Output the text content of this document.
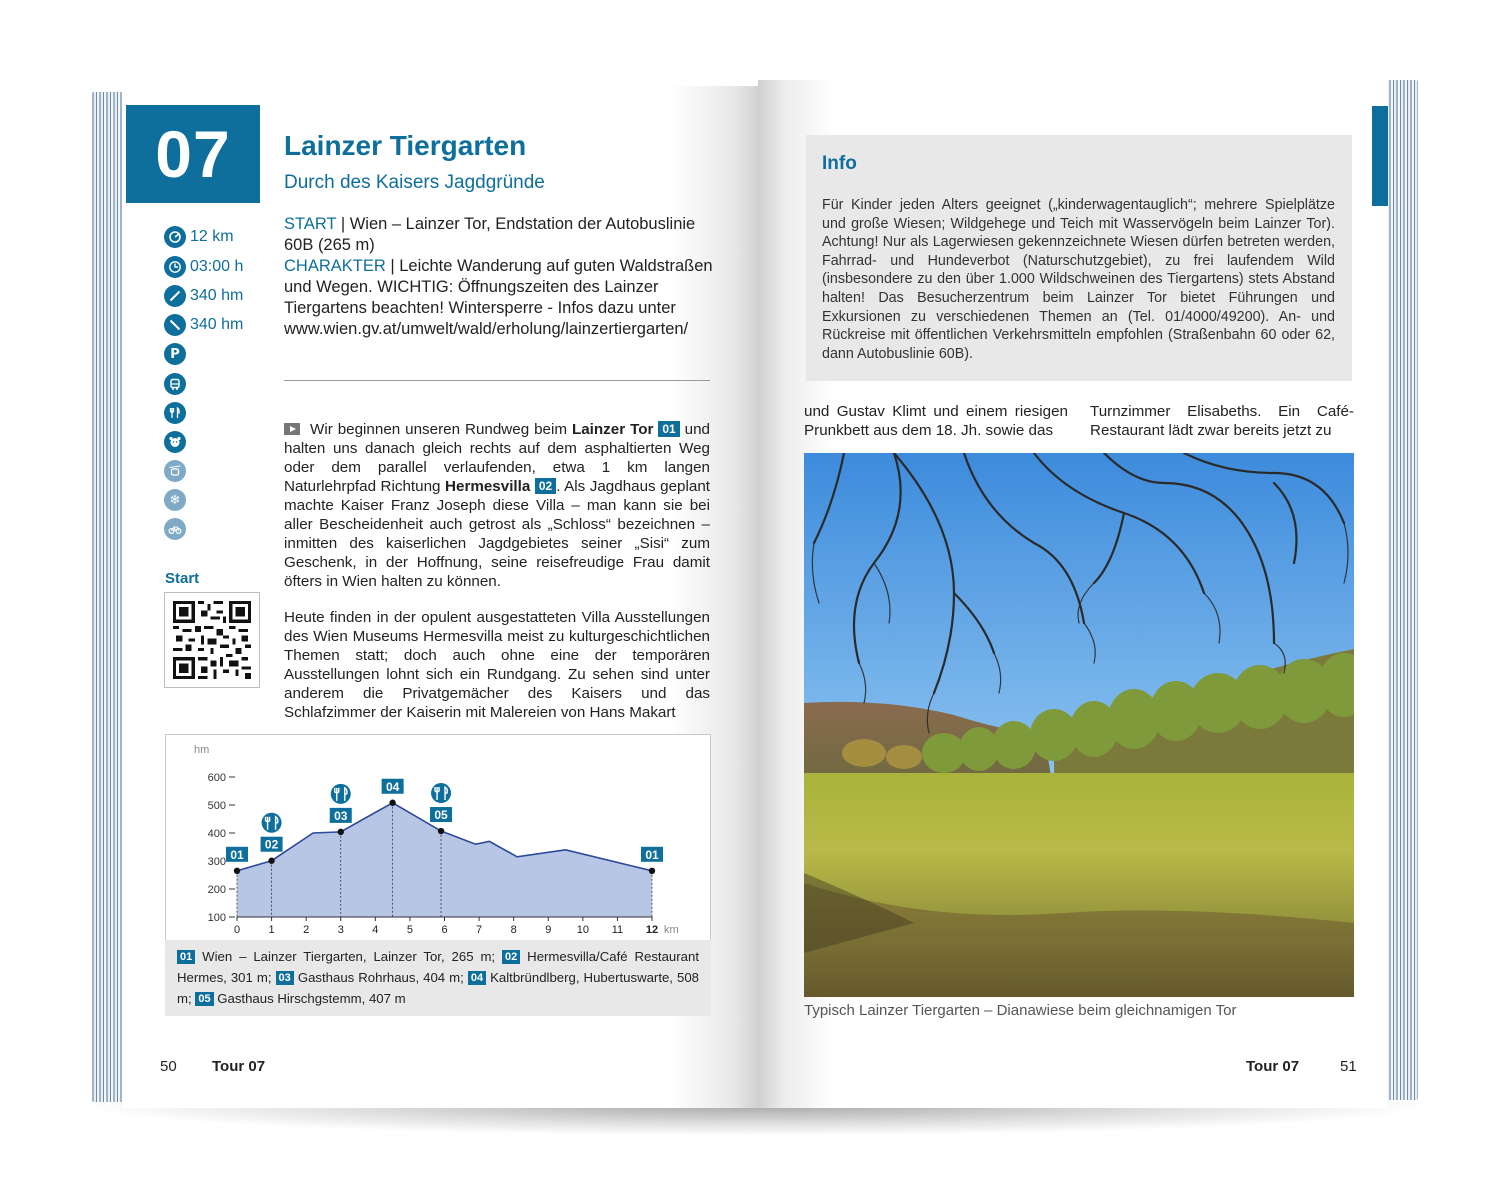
07	Lainzer Tiergarten
Durch des Kaisers Jagdgründe
12 km
03:00 h
340 hm
340 hm
P
❄
Start
START | Wien – Lainzer Tor, Endstation der Autobuslinie 60B (265 m)
CHARAKTER | Leichte Wanderung auf guten Waldstraßen und Wegen. WICHTIG: Öffnungszeiten des Lainzer Tiergartens beachten! Wintersperre - Infos dazu unter www.wien.gv.at/umwelt/wald/erholung/lainzertiergarten/
Wir beginnen unseren Rundweg beim Lainzer Tor 01 und halten uns danach gleich rechts auf dem asphaltierten Weg oder dem parallel verlaufenden, etwa 1 km langen Naturlehrpfad Richtung Hermesvilla 02 . Als Jagdhaus geplant machte Kaiser Franz Joseph diese Villa – man kann sie bei aller Bescheidenheit auch getrost als „Schloss“ bezeichnen – inmitten des kaiserlichen Jagdgebietes seiner „Sisi“ zum Geschenk, in der Hoffnung, seine reisefreudige Frau damit öfters in Wien halten zu können.
Heute finden in der opulent ausgestatteten Villa Ausstellungen des Wien Museums Hermesvilla meist zu kulturgeschichtlichen Themen statt; doch auch ohne eine der temporären Ausstellungen lohnt sich ein Rundgang. Zu sehen sind unter anderem die Privatgemächer des Kaisers und das Schlafzimmer der Kaiserin mit Malereien von Hans Makart
100
200
300
400
500
600
hm
0	1	2	3	4	5	6	7	8	9 10 11 12 km
01
02
03
04
05
01
01 Wien – Lainzer Tiergarten, Lainzer Tor, 265 m; 02 Hermesvilla/Café Restaurant Hermes, 301 m; 03 Gasthaus Rohrhaus, 404 m; 04 Kaltbründlberg, Hubertuswarte, 508 m; 05 Gasthaus Hirschgstemm, 407 m
50 Tour 07
Info
Für Kinder jeden Alters geeignet („kinderwagentauglich“; mehrere Spielplätze und große Wiesen; Wildgehege und Teich mit Wasservögeln beim Lainzer Tor). Achtung! Nur als Lagerwiesen gekennzeichnete Wiesen dürfen betreten werden, Fahrrad- und Hundeverbot (Naturschutzgebiet), zu frei laufendem Wild (insbesondere zu den über 1.000 Wildschweinen des Tiergartens) stets Abstand halten! Das Besucherzentrum beim Lainzer Tor bietet Führungen und Exkursionen zu verschiedenen Themen an (Tel. 01/4000/49200). An- und Rückreise mit öffentlichen Verkehrsmitteln empfohlen (Straßenbahn 60 oder 62, dann Autobuslinie 60B).
und Gustav Klimt und einem riesigen Prunkbett aus dem 18. Jh. sowie das
Turnzimmer Elisabeths. Ein Café-Restaurant lädt zwar bereits jetzt zu
Typisch Lainzer Tiergarten – Dianawiese beim gleichnamigen Tor
Tour 07	51
